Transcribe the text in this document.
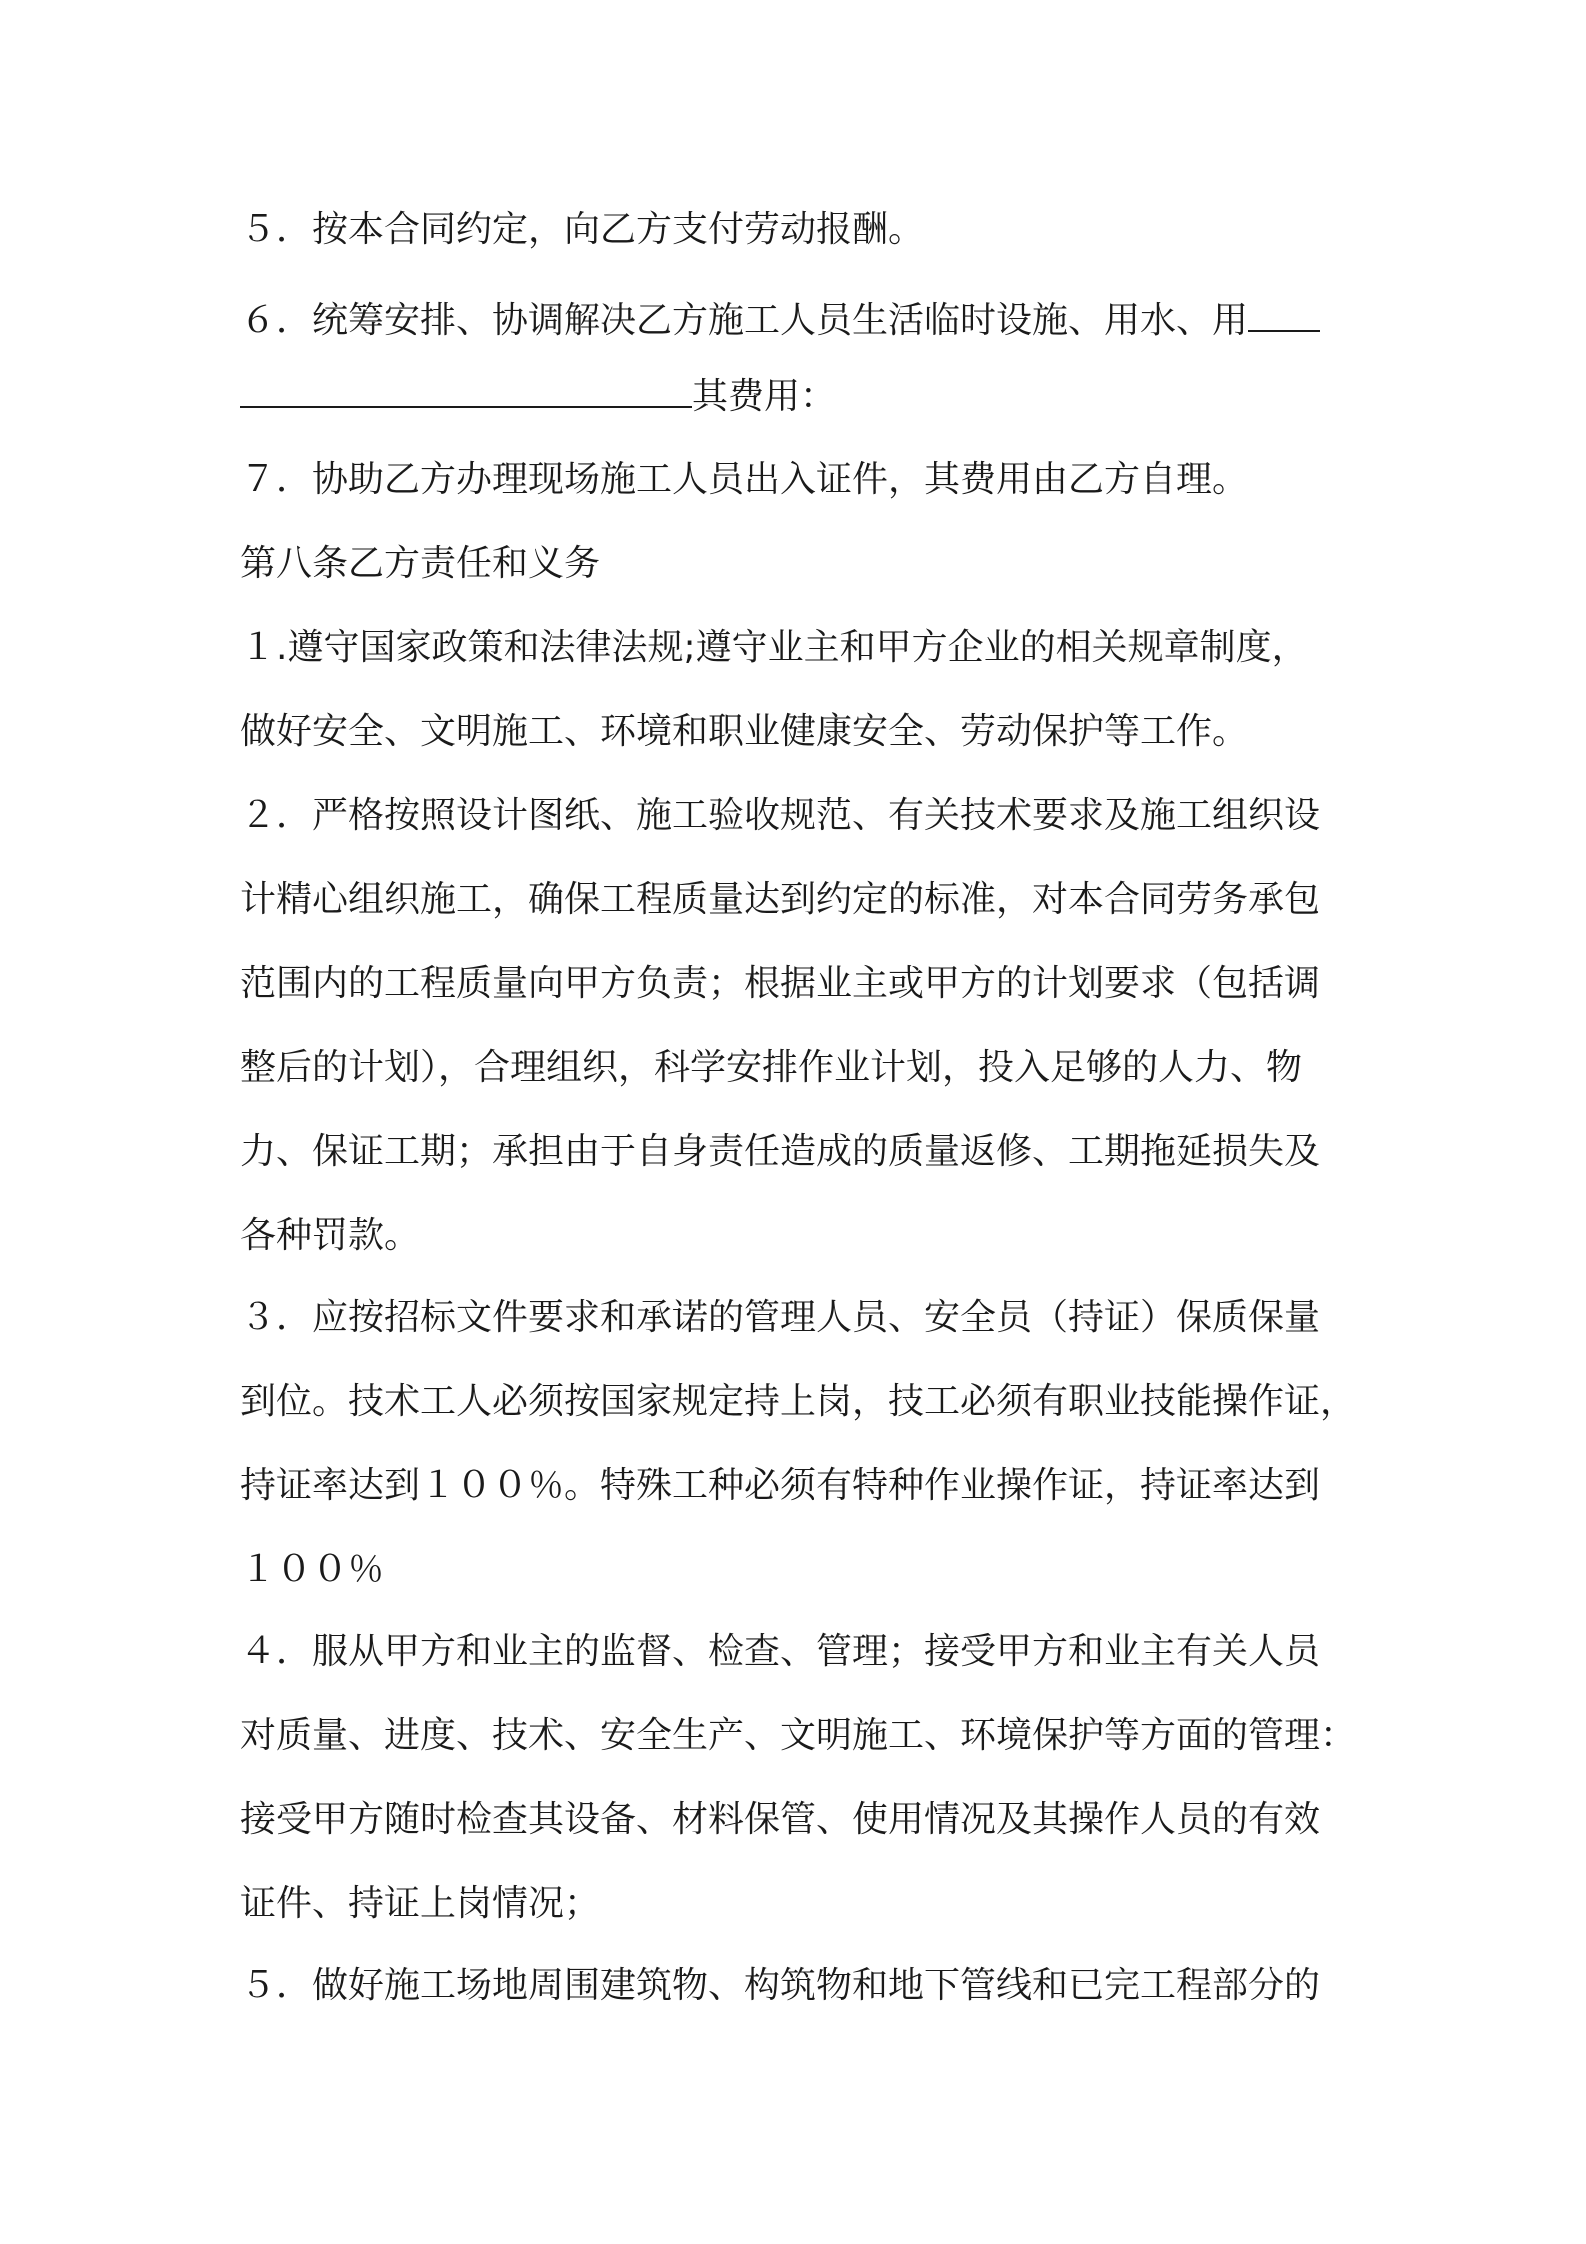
５．按本合同约定，向乙方支付劳动报酬。
６．统筹安排、协调解决乙方施工人员生活临时设施、用水、用
其费用：
７．协助乙方办理现场施工人员出入证件，其费用由乙方自理。
第八条乙方责任和义务
１.遵守国家政策和法律法规;遵守业主和甲方企业的相关规章制度，
做好安全、文明施工、环境和职业健康安全、劳动保护等工作。
２．严格按照设计图纸、施工验收规范、有关技术要求及施工组织设
计精心组织施工，确保工程质量达到约定的标准，对本合同劳务承包
范围内的工程质量向甲方负责；根据业主或甲方的计划要求（包括调
整后的计划），合理组织，科学安排作业计划，投入足够的人力、物
力、保证工期；承担由于自身责任造成的质量返修、工期拖延损失及
各种罚款。
３．应按招标文件要求和承诺的管理人员、安全员（持证）保质保量
到位。技术工人必须按国家规定持上岗，技工必须有职业技能操作证，
持证率达到１００％。特殊工种必须有特种作业操作证，持证率达到
１００％
４．服从甲方和业主的监督、检查、管理；接受甲方和业主有关人员
对质量、进度、技术、安全生产、文明施工、环境保护等方面的管理：
接受甲方随时检查其设备、材料保管、使用情况及其操作人员的有效
证件、持证上岗情况；
５．做好施工场地周围建筑物、构筑物和地下管线和已完工程部分的
